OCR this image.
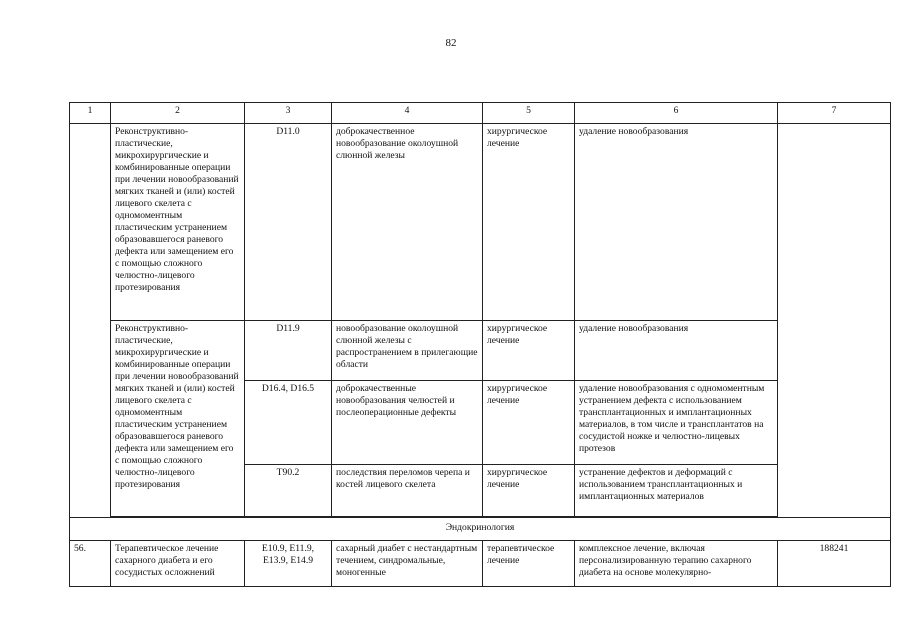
82
1	2	3	4	5	6	7
	Реконструктивно-пластические, микрохирургические и комбинированные операции при лечении новообразований мягких тканей и (или) костей лицевого скелета с одномоментным пластическим устранением образовавшегося раневого дефекта или замещением его с помощью сложного челюстно-лицевого протезирования	D11.0	доброкачественное новообразование околоушной слюнной железы	хирургическое лечение	удаление новообразования	
	Реконструктивно-пластические, микрохирургические и комбинированные операции при лечении новообразований мягких тканей и (или) костей лицевого скелета с одномоментным пластическим устранением образовавшегося раневого дефекта или замещением его с помощью сложного челюстно-лицевого протезирования	D11.9	новообразование околоушной слюнной железы с распространением в прилегающие области	хирургическое лечение	удаление новообразования	
		D16.4, D16.5	доброкачественные новообразования челюстей и послеоперационные дефекты	хирургическое лечение	удаление новообразования с одномоментным устранением дефекта с использованием трансплантационных и имплантационных материалов, в том числе и трансплантатов на сосудистой ножке и челюстно-лицевых протезов	
		T90.2	последствия переломов черепа и костей лицевого скелета	хирургическое лечение	устранение дефектов и деформаций с использованием трансплантационных и имплантационных материалов	

Эндокринология						
56.	Терапевтическое лечение сахарного диабета и его сосудистых осложнений	E10.9, E11.9, E13.9, E14.9	сахарный диабет с нестандартным течением, синдромальные, моногенные	терапевтическое лечение	комплексное лечение, включая персонализированную терапию сахарного диабета на основе молекулярно-	188241
